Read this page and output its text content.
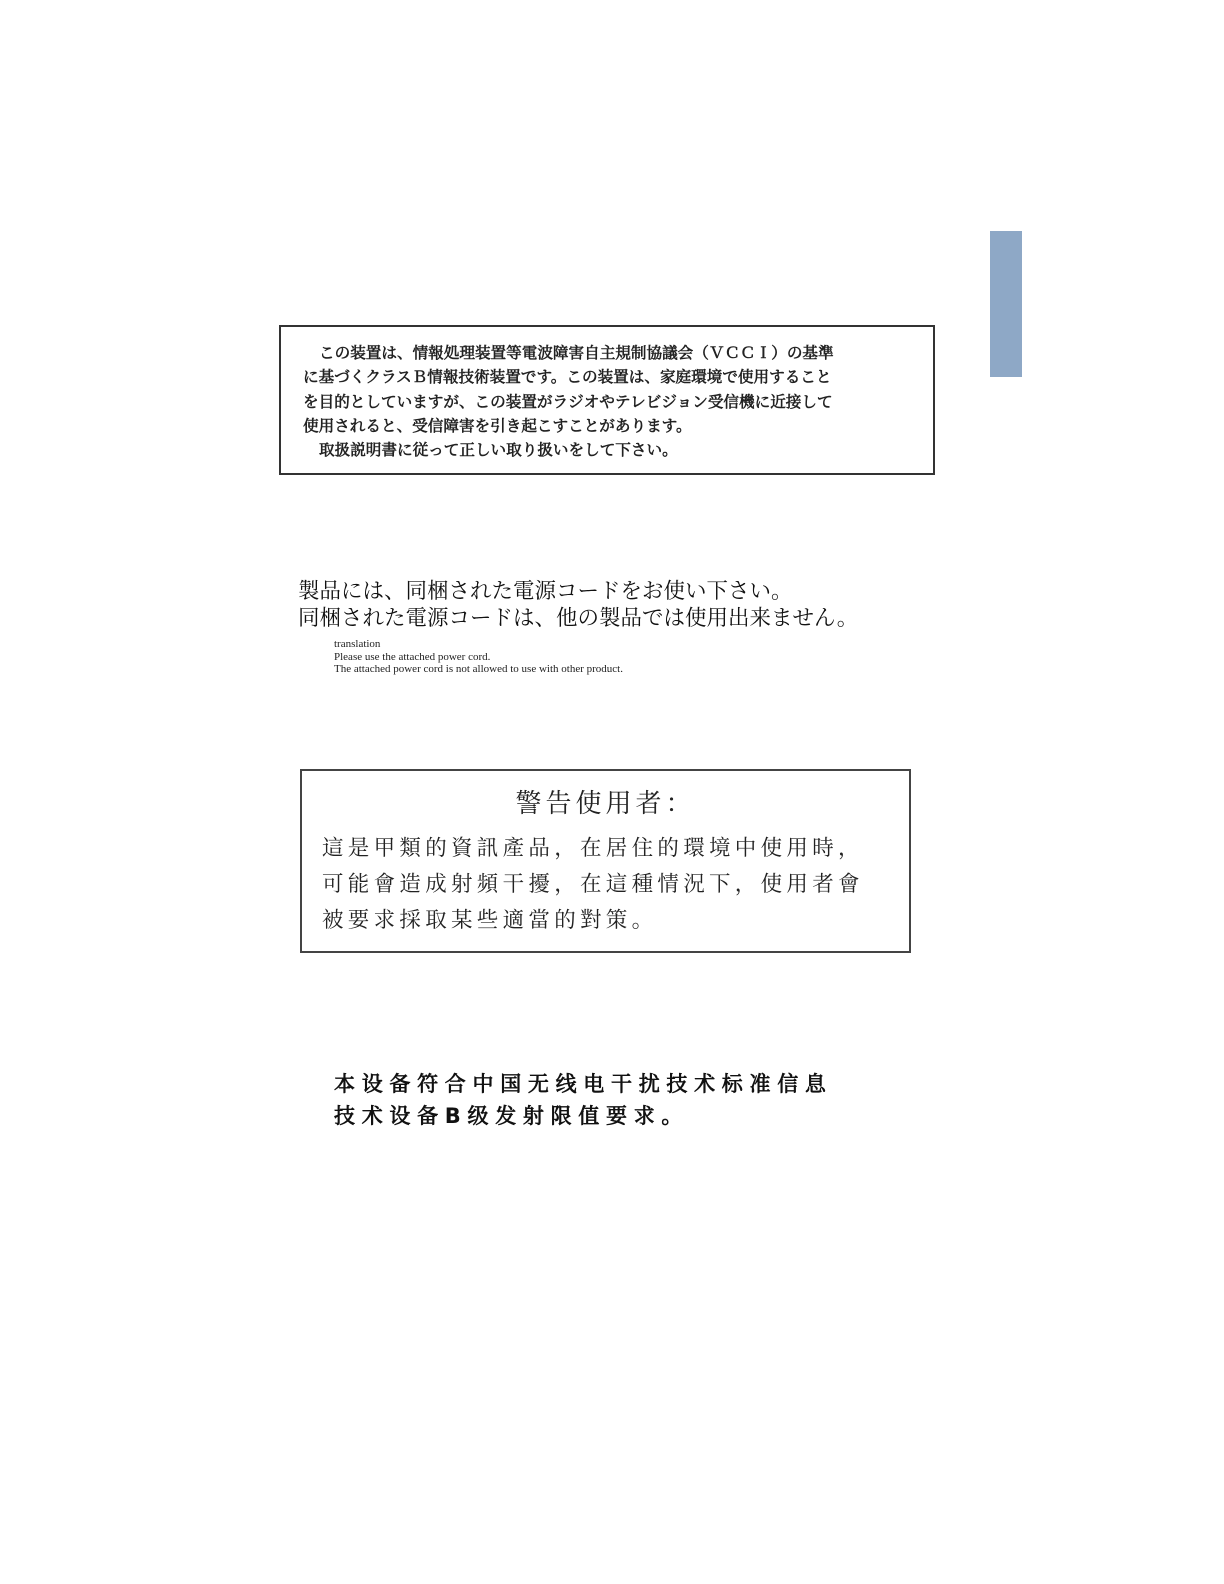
この装置は、情報処理装置等電波障害自主規制協議会（ＶＣＣＩ）の基準

に基づくクラスＢ情報技術装置です。この装置は、家庭環境で使用すること

を目的としていますが、この装置がラジオやテレビジョン受信機に近接して

使用されると、受信障害を引き起こすことがあります。

取扱説明書に従って正しい取り扱いをして下さい。

製品には、同梱された電源コードをお使い下さい。
同梱された電源コードは、他の製品では使用出来ません。
translation
Please use the attached power cord.
The attached power cord is not allowed to use with other product.
警告使用者：
這是甲類的資訊產品，在居住的環境中使用時，
可能會造成射頻干擾，在這種情況下，使用者會
被要求採取某些適當的對策。
本设备符合中国无线电干扰技术标准信息
技术设备B级发射限值要求。
